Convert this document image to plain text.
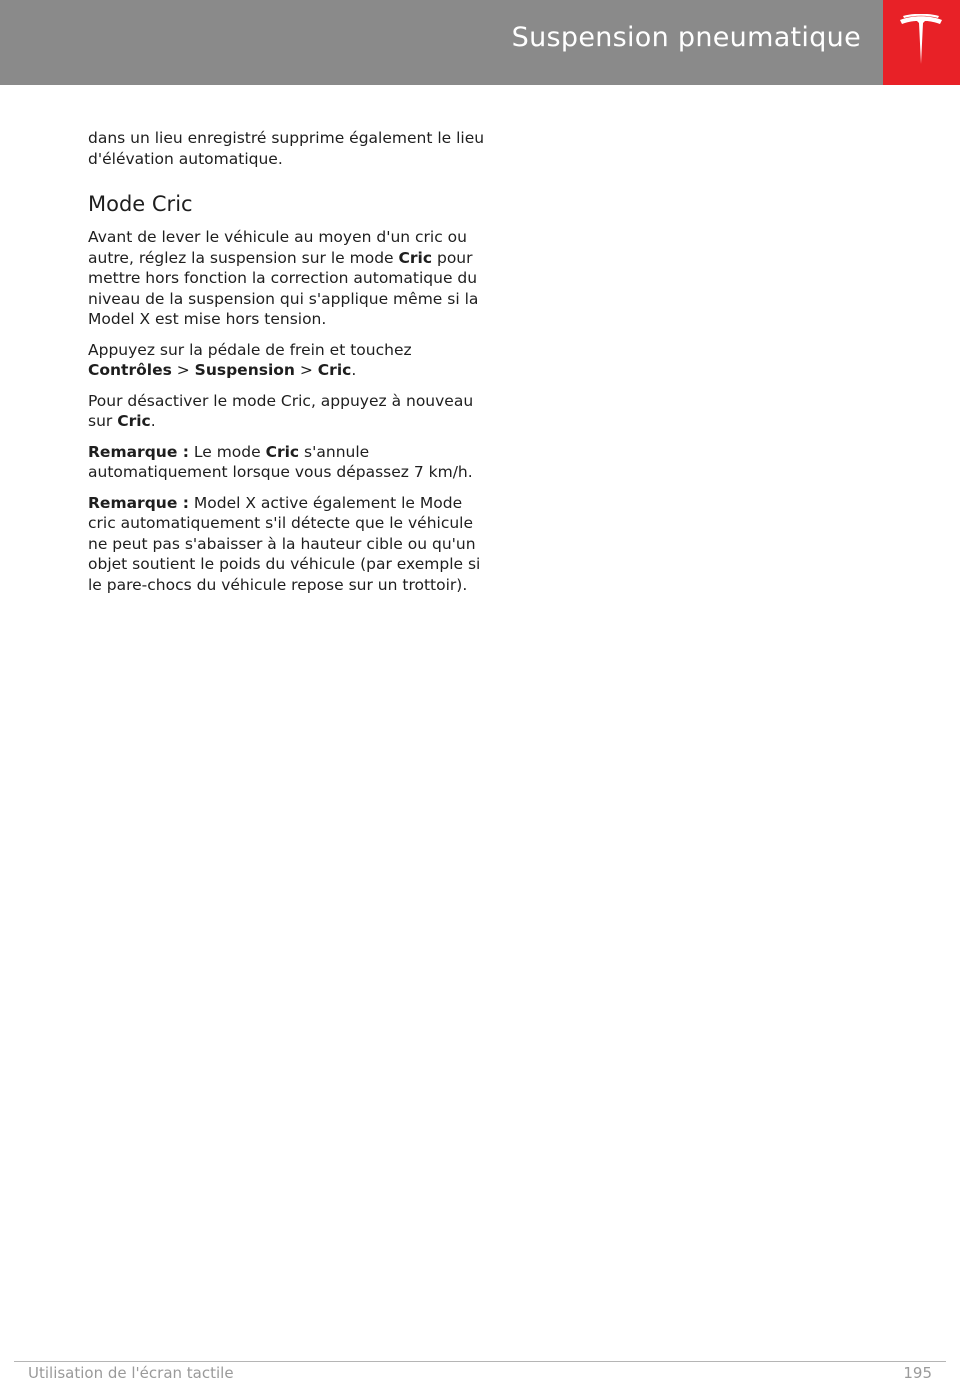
Suspension pneumatique

dans un lieu enregistré supprime également le lieu d'élévation automatique.

Mode Cric

Avant de lever le véhicule au moyen d'un cric ou autre, réglez la suspension sur le mode Cric pour mettre hors fonction la correction automatique du niveau de la suspension qui s'applique même si la Model X est mise hors tension.

Appuyez sur la pédale de frein et touchez
Contrôles > Suspension > Cric.

Pour désactiver le mode Cric, appuyez à nouveau sur Cric.

Remarque : Le mode Cric s'annule automatiquement lorsque vous dépassez 7 km/h.

Remarque : Model X active également le Mode cric automatiquement s'il détecte que le véhicule ne peut pas s'abaisser à la hauteur cible ou qu'un objet soutient le poids du véhicule (par exemple si le pare-chocs du véhicule repose sur un trottoir).

Utilisation de l'écran tactile	195
